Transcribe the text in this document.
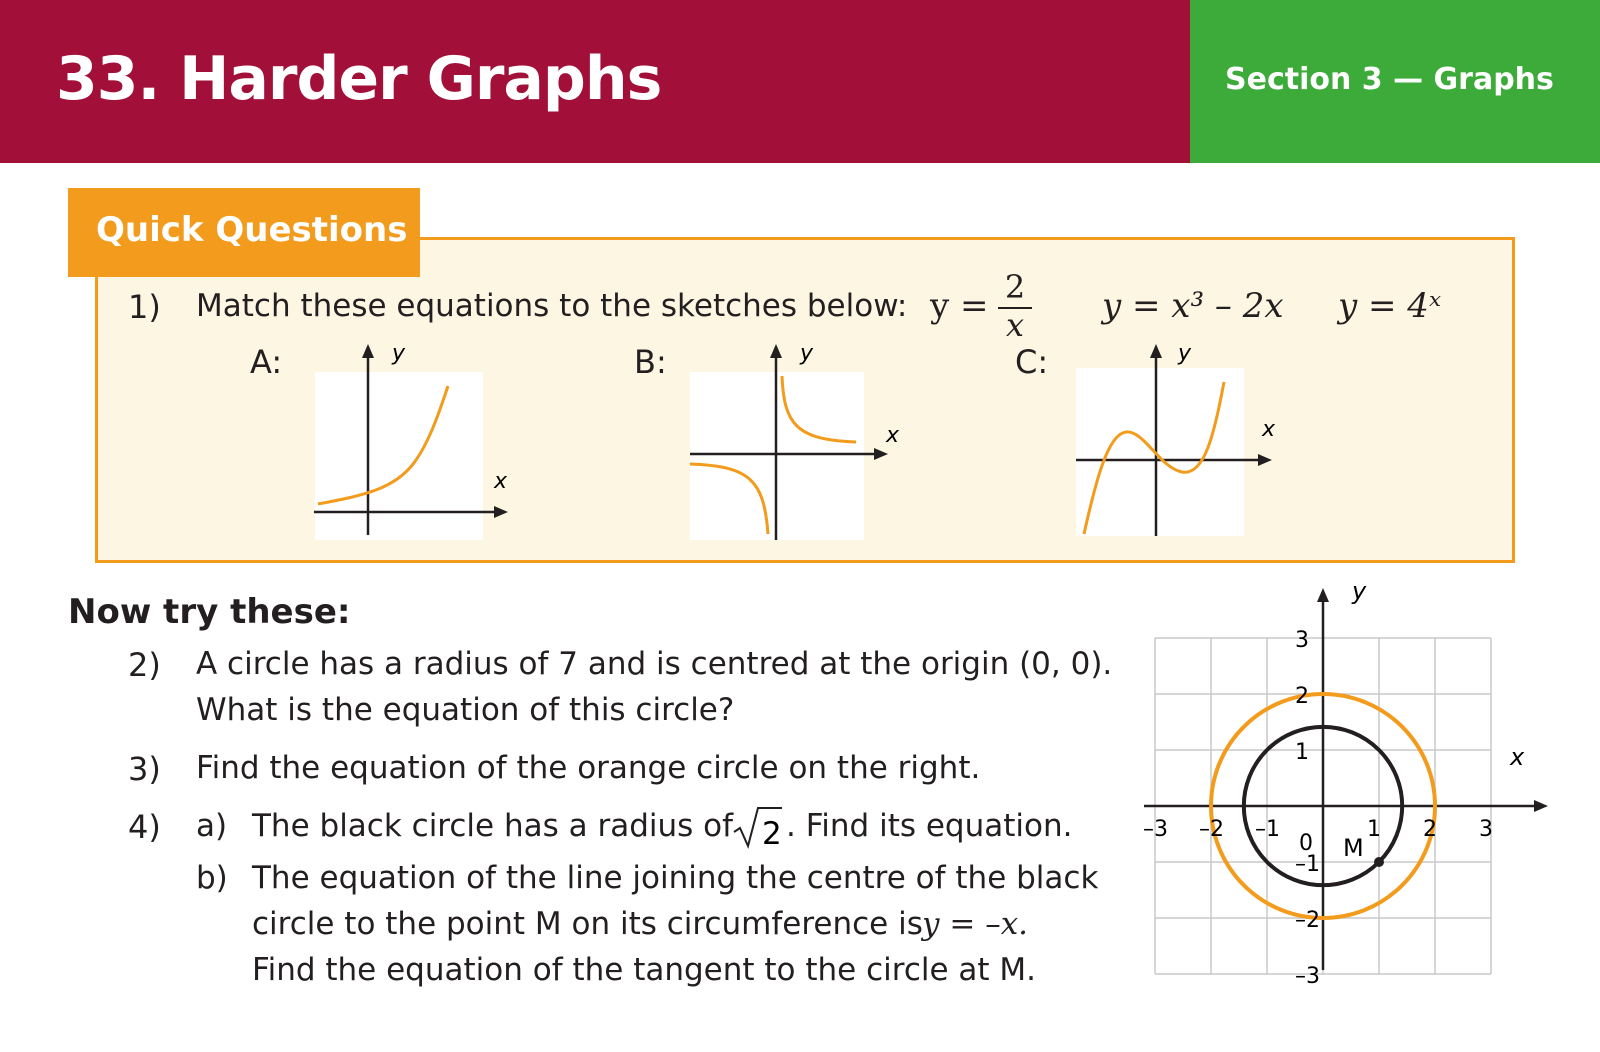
33. Harder Graphs	Section 3 — Graphs
Quick Questions
1) Match these equations to the sketches below: y = 2
x y = x³ – 2x y = 4ˣ
A:	y
x
B:	y
x
C:	y
x
Now try these:
2) A circle has a radius of 7 and is centred at the origin (0, 0).
What is the equation of this circle?
3) Find the equation of the orange circle on the right.
4) a) The black circle has a radius of 2 . Find its equation.
b) The equation of the line joining the centre of the black
circle to the point M on its circumference is y = –x.
Find the equation of the tangent to the circle at M.
–3 –2 –1	1 2 3
3
2
1
–1
–2
–3
0 M
y
x
